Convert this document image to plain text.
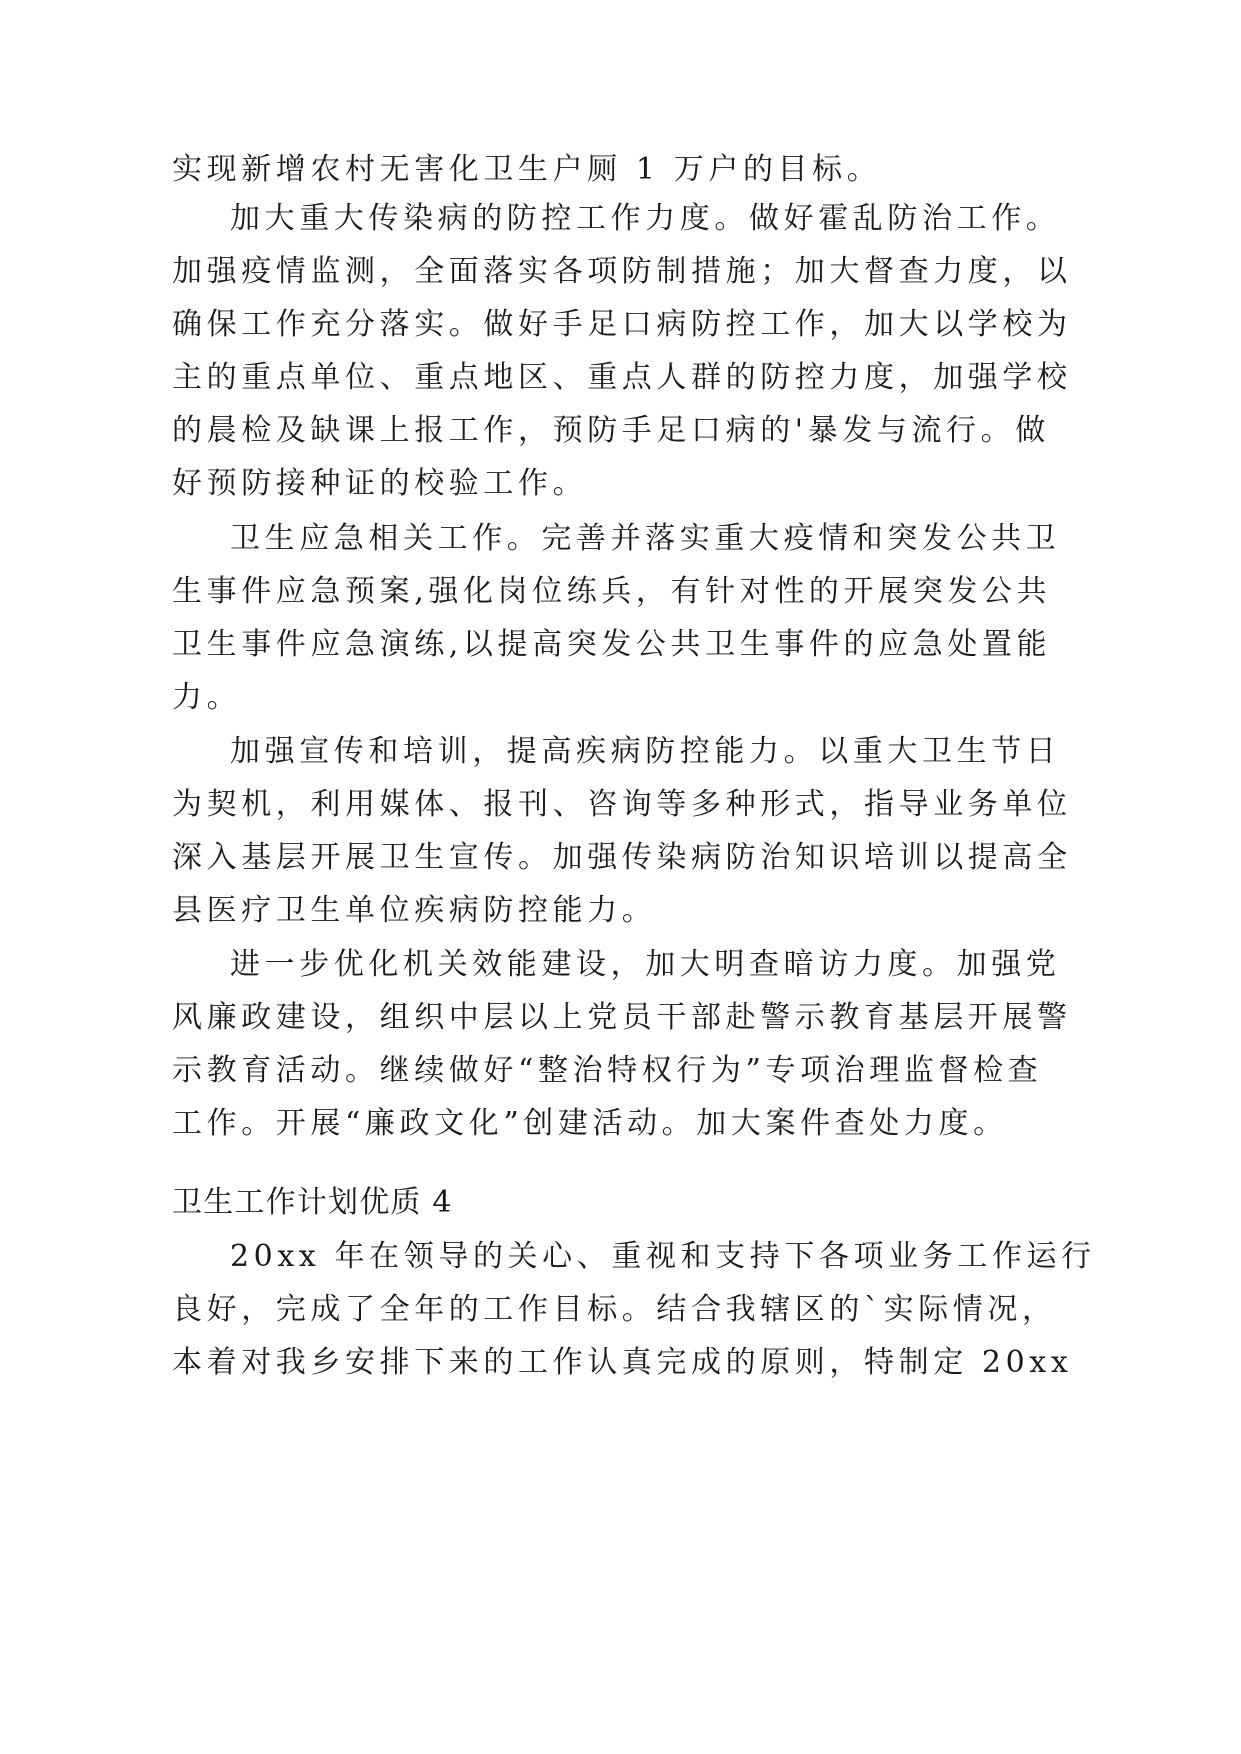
实现新增农村无害化卫生户厕 1 万户的目标。

加大重大传染病的防控工作力度。做好霍乱防治工作。

加强疫情监测，全面落实各项防制措施；加大督查力度，以

确保工作充分落实。做好手足口病防控工作，加大以学校为

主的重点单位、重点地区、重点人群的防控力度，加强学校

的晨检及缺课上报工作，预防手足口病的'暴发与流行。做

好预防接种证的校验工作。

卫生应急相关工作。完善并落实重大疫情和突发公共卫

生事件应急预案,强化岗位练兵，有针对性的开展突发公共

卫生事件应急演练,以提高突发公共卫生事件的应急处置能

力。

加强宣传和培训，提高疾病防控能力。以重大卫生节日

为契机，利用媒体、报刊、咨询等多种形式，指导业务单位

深入基层开展卫生宣传。加强传染病防治知识培训以提高全

县医疗卫生单位疾病防控能力。

进一步优化机关效能建设，加大明查暗访力度。加强党

风廉政建设，组织中层以上党员干部赴警示教育基层开展警

示教育活动。继续做好“整治特权行为”专项治理监督检查

工作。开展“廉政文化”创建活动。加大案件查处力度。

卫生工作计划优质 4

20xx 年在领导的关心、重视和支持下各项业务工作运行

良好，完成了全年的工作目标。结合我辖区的`实际情况，

本着对我乡安排下来的工作认真完成的原则，特制定 20xx
